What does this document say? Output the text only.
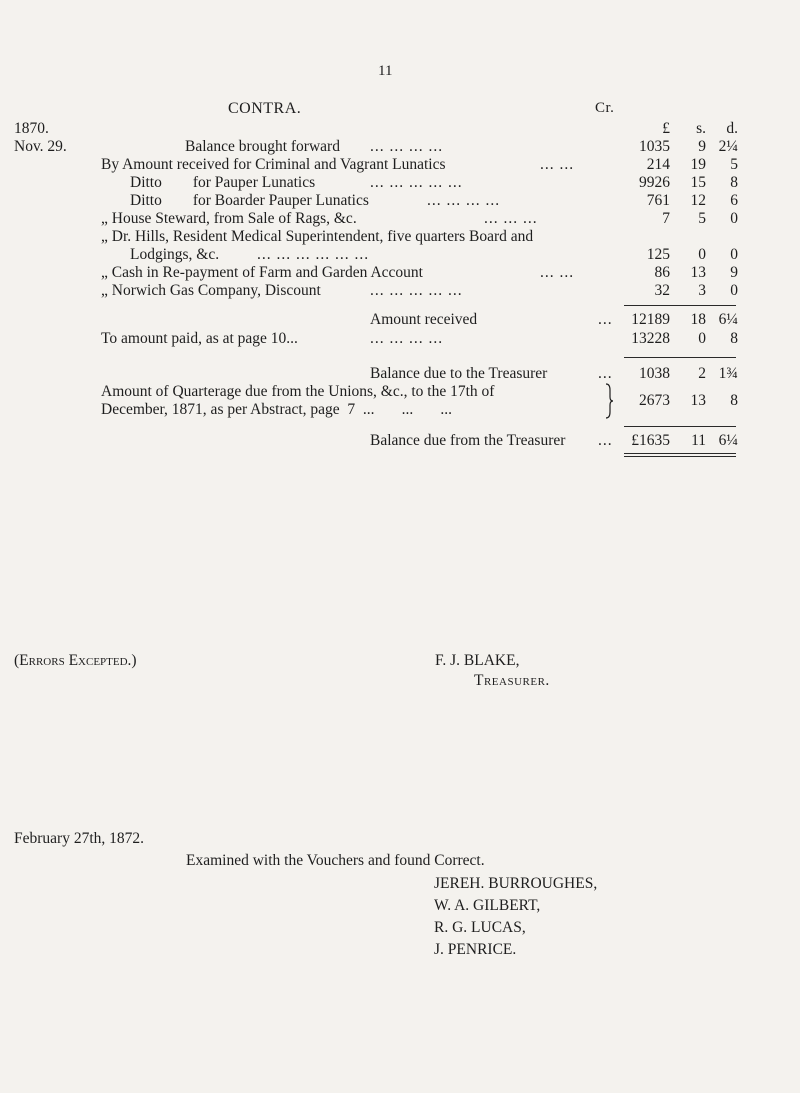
11
CONTRA.	Cr.
1870.
Nov. 29.
£	s.	d.
Balance brought forward ... ... ... ...	1035	9 2¼
By Amount received for Criminal and Vagrant Lunatics	... ...	214	19	5
Ditto        for Pauper Lunatics	... ... ... ... ...	9926	15	8
Ditto        for Boarder Pauper Lunatics	... ... ... ...	761	12	6
„ House Steward, from Sale of Rags, &c.	... ... ...	7	5	0
„ Dr. Hills, Resident Medical Superintendent, five quarters Board and
Lodgings, &c. ... ... ... ... ... ...	125	0	0
„ Cash in Re-payment of Farm and Garden Account	... ...	86	13	9
„ Norwich Gas Company, Discount	... ... ... ... ...	32	3	0
Amount received	...	12189	18 6¼
To amount paid, as at page 10...	... ... ... ...	13228	0	8
Balance due to the Treasurer	...	1038	2 1¾
Amount of Quarterage due from the Unions, &c., to the 17th of
December, 1871, as per Abstract, page  7  ...       ...       ...
2673	13	8
Balance due from the Treasurer ...	£1635	11 6¼
(Errors Excepted.)	F. J. BLAKE,
Treasurer.
February 27th, 1872.
Examined with the Vouchers and found Correct.
JEREH. BURROUGHES,
W. A. GILBERT,
R. G. LUCAS,
J. PENRICE.
